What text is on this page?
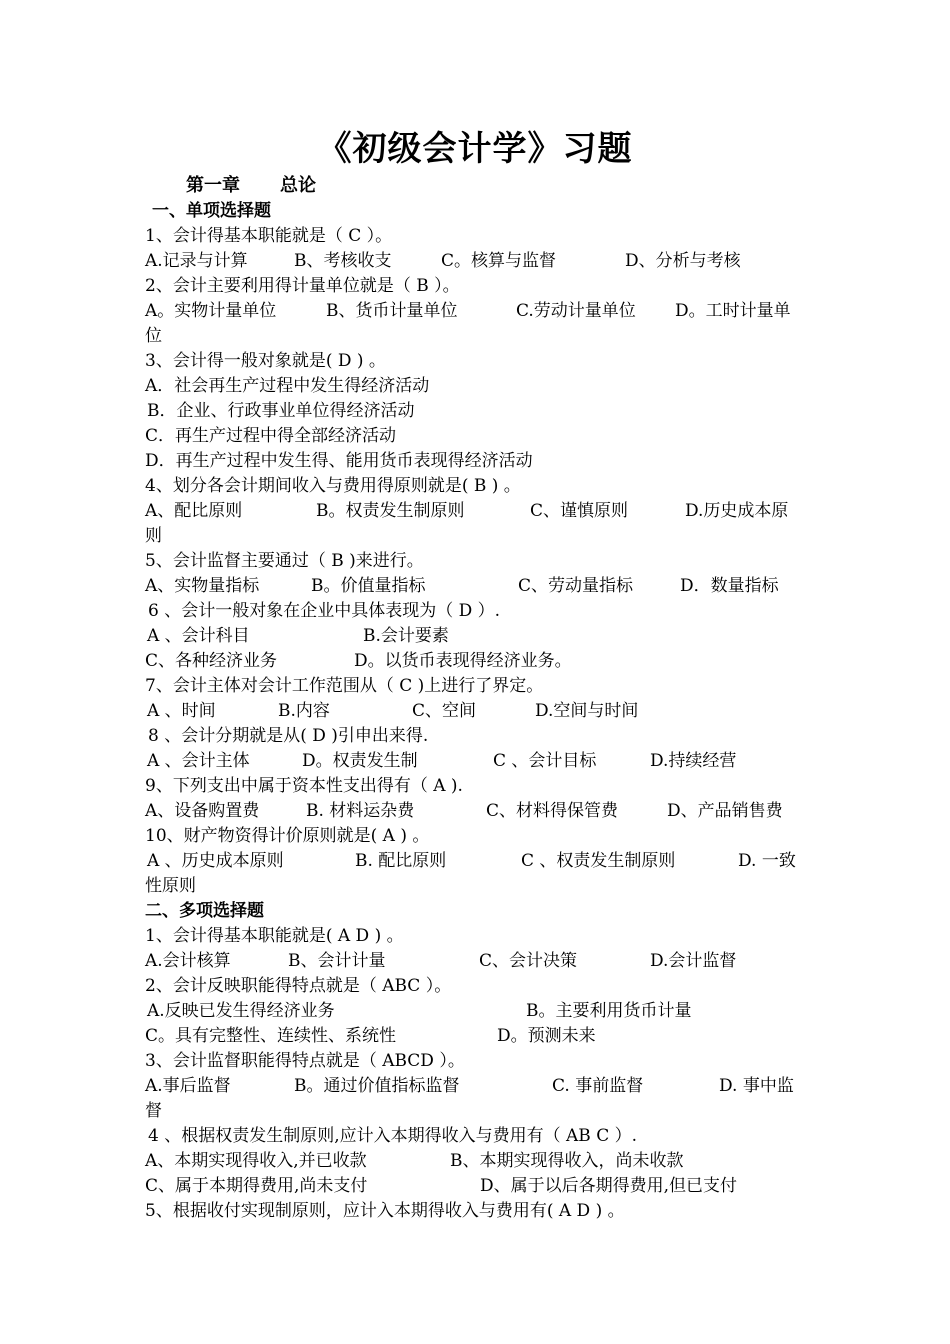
《初级会计学》习题
第一章 总论
一、单项选择题
1、会计得基本职能就是（ C ）。
A.记录与计算	B、考核收支	C。核算与监督	D、分析与考核
2、会计主要利用得计量单位就是（ B ）。
A。实物计量单位	B、货币计量单位	C.劳动计量单位 D。工时计量单
位
3、会计得一般对象就是( D ) 。
A．社会再生产过程中发生得经济活动
B．企业、行政事业单位得经济活动
C．再生产过程中得全部经济活动
D．再生产过程中发生得、能用货币表现得经济活动
4、划分各会计期间收入与费用得原则就是( B ) 。
A、配比原则	B。权责发生制原则	C、谨慎原则	D.历史成本原
则
5、会计监督主要通过（ B )来进行。
A、实物量指标	B。价值量指标	C、劳动量指标	D．数量指标
6 、会计一般对象在企业中具体表现为（ D ）.
A 、会计科目	B.会计要素
C、各种经济业务	D。以货币表现得经济业务。
7、会计主体对会计工作范围从（ C )上进行了界定。
A 、时间	B.内容	C、空间	D.空间与时间
8 、会计分期就是从( D )引申出来得.
A 、会计主体	D。权责发生制	C 、会计目标	D.持续经营
9、下列支出中属于资本性支出得有（ A ).
A、设备购置费	B. 材料运杂费	C、材料得保管费	D、产品销售费
10、财产物资得计价原则就是( A ) 。
A 、历史成本原则	B. 配比原则	C 、权责发生制原则	D. 一致
性原则
二、多项选择题
1、会计得基本职能就是( A D ) 。
A.会计核算	B、会计计量	C、会计决策	D.会计监督
2、会计反映职能得特点就是（ ABC ）。
A.反映已发生得经济业务	B。主要利用货币计量
C。具有完整性、连续性、系统性	D。预测未来
3、会计监督职能得特点就是（ ABCD ）。
A.事后监督	B。通过价值指标监督	C. 事前监督	D. 事中监
督
4 、根据权责发生制原则,应计入本期得收入与费用有（ AB C ）.
A、本期实现得收入,并已收款	B、本期实现得收入，尚未收款
C、属于本期得费用,尚未支付	D、属于以后各期得费用,但已支付
5、根据收付实现制原则，应计入本期得收入与费用有( A D ) 。
